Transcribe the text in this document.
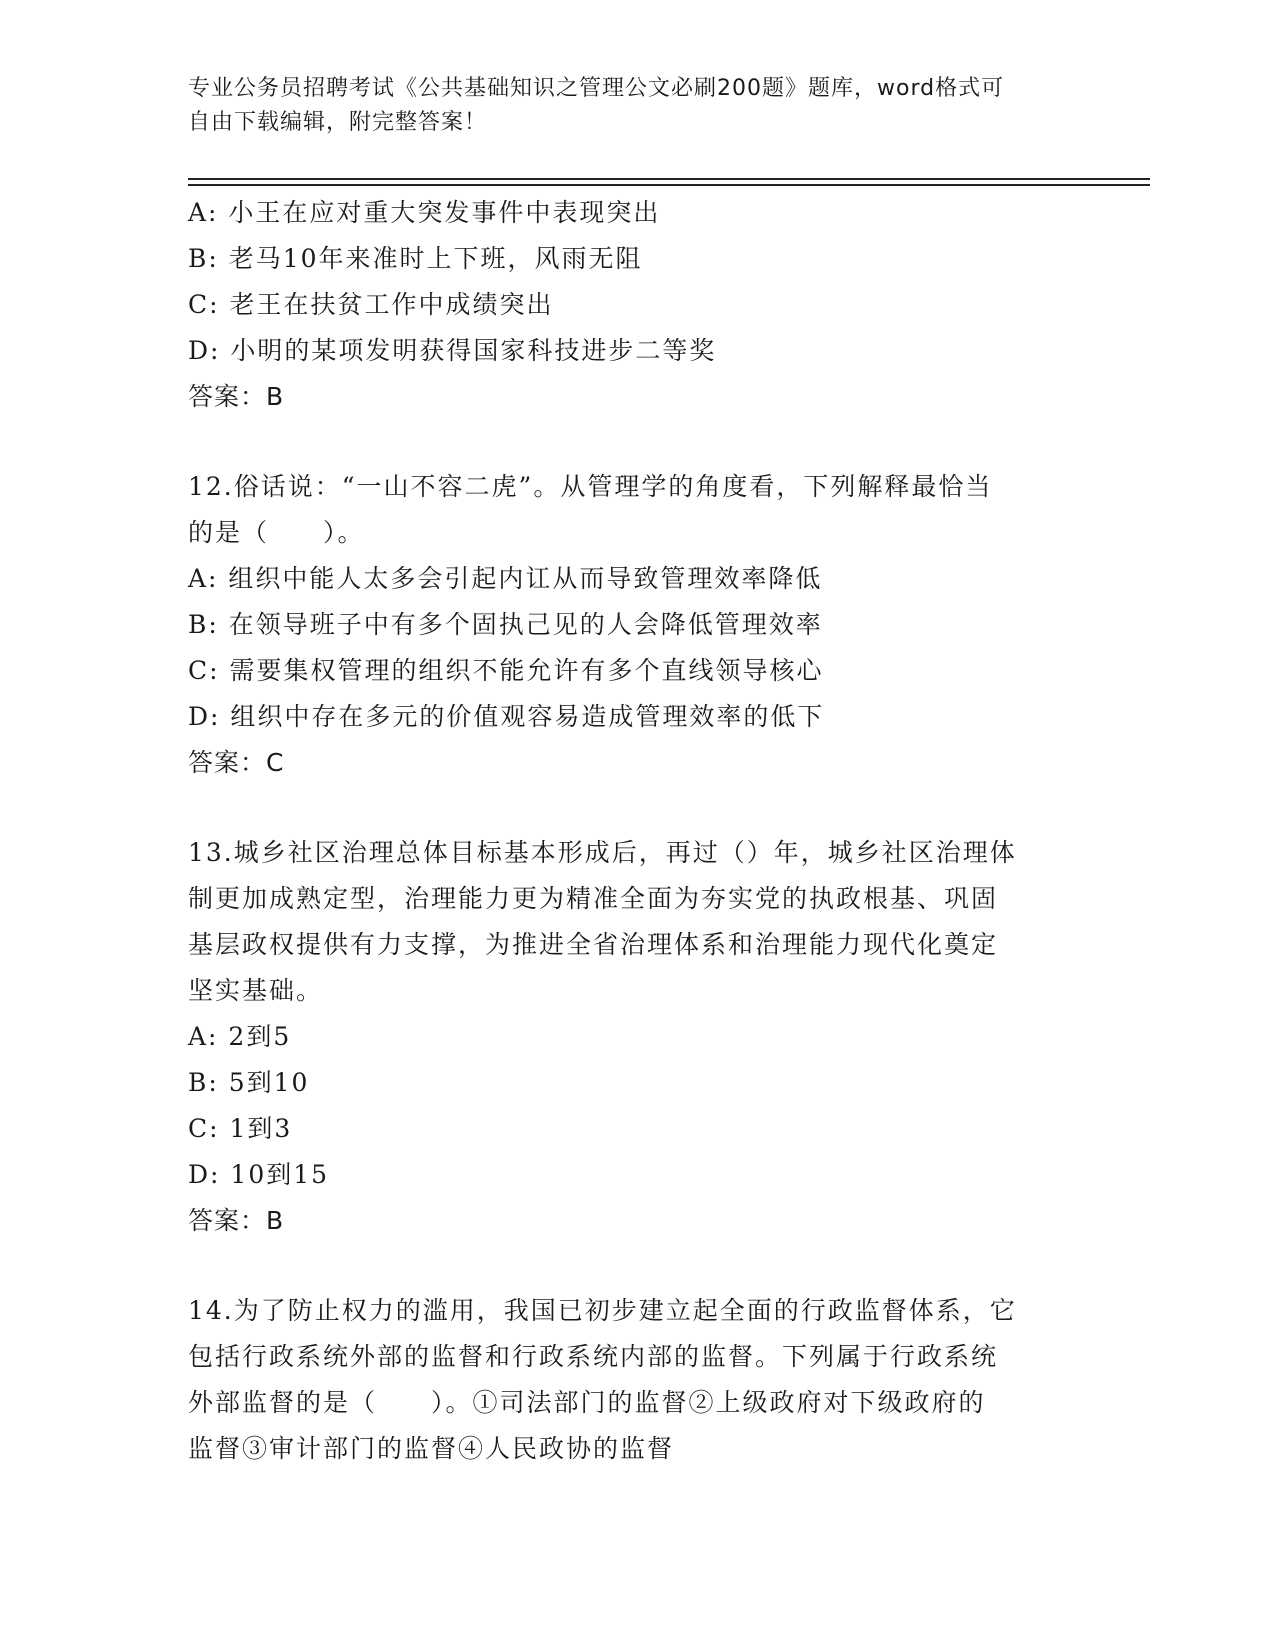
专业公务员招聘考试《公共基础知识之管理公文必刷200题》题库，word格式可
自由下载编辑，附完整答案！
A: 小王在应对重大突发事件中表现突出
B: 老马10年来准时上下班，风雨无阻
C: 老王在扶贫工作中成绩突出
D: 小明的某项发明获得国家科技进步二等奖
答案：B
12.俗话说：“一山不容二虎”。从管理学的角度看，下列解释最恰当
的是（　　）。
A: 组织中能人太多会引起内讧从而导致管理效率降低
B: 在领导班子中有多个固执己见的人会降低管理效率
C: 需要集权管理的组织不能允许有多个直线领导核心
D: 组织中存在多元的价值观容易造成管理效率的低下
答案：C
13.城乡社区治理总体目标基本形成后，再过（）年，城乡社区治理体
制更加成熟定型，治理能力更为精准全面为夯实党的执政根基、巩固
基层政权提供有力支撑，为推进全省治理体系和治理能力现代化奠定
坚实基础。
A: 2到5
B: 5到10
C: 1到3
D: 10到15
答案：B
14.为了防止权力的滥用，我国已初步建立起全面的行政监督体系，它
包括行政系统外部的监督和行政系统内部的监督。下列属于行政系统
外部监督的是（　　）。①司法部门的监督②上级政府对下级政府的
监督③审计部门的监督④人民政协的监督
